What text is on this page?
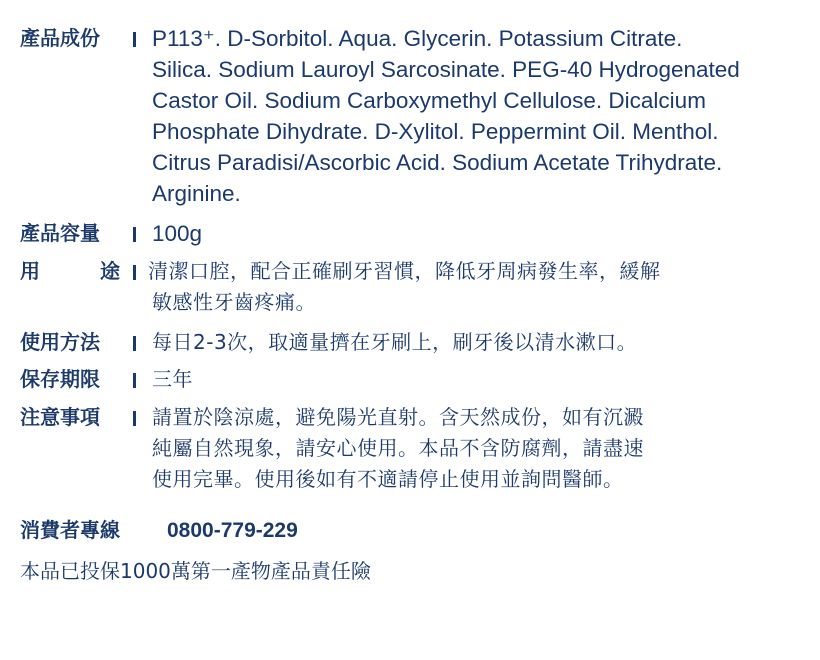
產品成份 P113⁺. D-Sorbitol. Aqua. Glycerin. Potassium Citrate.
Silica. Sodium Lauroyl Sarcosinate. PEG-40 Hydrogenated
Castor Oil. Sodium Carboxymethyl Cellulose. Dicalcium
Phosphate Dihydrate. D-Xylitol. Peppermint Oil. Menthol.
Citrus Paradisi/Ascorbic Acid. Sodium Acetate Trihydrate.
Arginine.
產品容量 100g
用途 清潔口腔，配合正確刷牙習慣，降低牙周病發生率，緩解
敏感性牙齒疼痛。
使用方法	每日2-3次，取適量擠在牙刷上，刷牙後以清水漱口。
保存期限	三年
注意事項	請置於陰涼處，避免陽光直射。含天然成份，如有沉澱
純屬自然現象，請安心使用。本品不含防腐劑，請盡速
使用完畢。使用後如有不適請停止使用並詢問醫師。
消費者專線 0800-779-229
本品已投保1000萬第一產物產品責任險
